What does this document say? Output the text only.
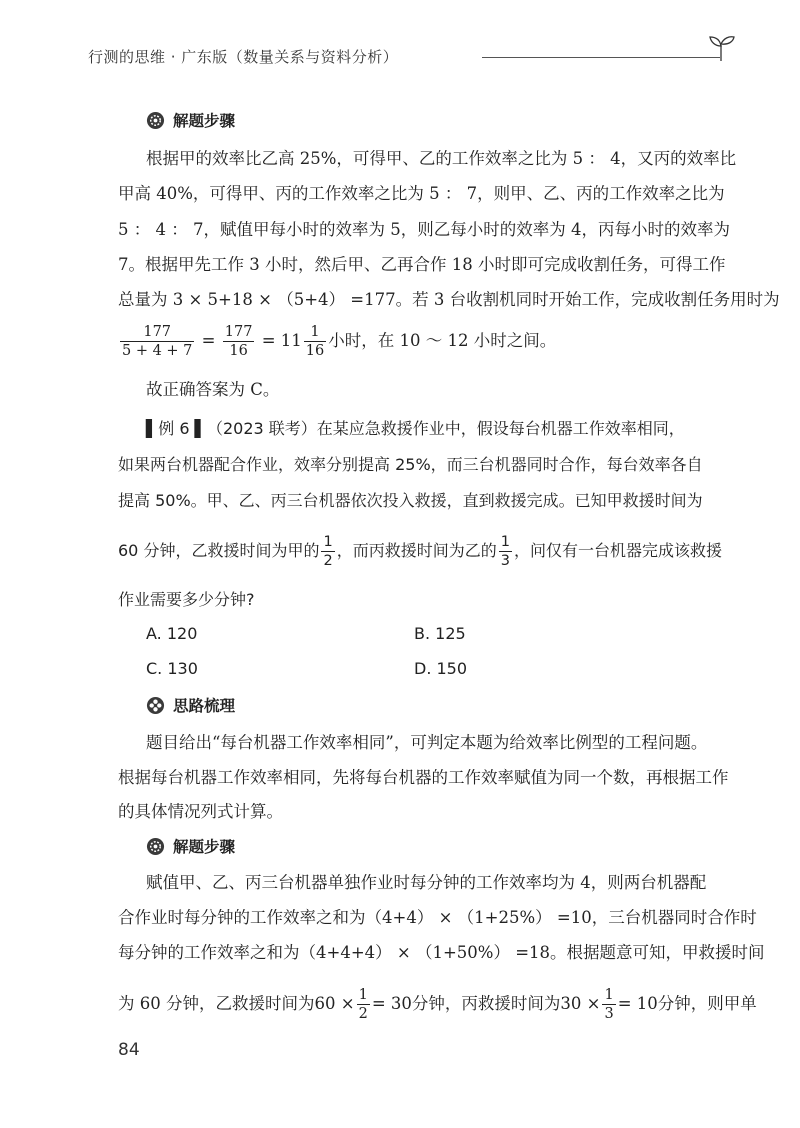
行测的思维 · 广东版（数量关系与资料分析）
解题步骤
根据甲的效率比乙高 25%，可得甲、乙的工作效率之比为 5 ： 4，又丙的效率比
甲高 40%，可得甲、丙的工作效率之比为 5 ： 7，则甲、乙、丙的工作效率之比为
5 ： 4 ： 7，赋值甲每小时的效率为 5，则乙每小时的效率为 4，丙每小时的效率为
7。根据甲先工作 3 小时，然后甲、乙再合作 18 小时即可完成收割任务，可得工作
总量为 3 × 5+18 × （5+4） =177。若 3 台收割机同时开始工作，完成收割任务用时为
$\frac{177}{5 + 4 + 7} = \frac{177}{16} = 11 \frac{1}{16}$ 小时，在 10 ～ 12 小时之间。
故正确答案为 C。
▌例 6 ▌（2023 联考）在某应急救援作业中，假设每台机器工作效率相同，
如果两台机器配合作业，效率分别提高 25%，而三台机器同时合作，每台效率各自
提高 50%。甲、乙、丙三台机器依次投入救援，直到救援完成。已知甲救援时间为
60 分钟，乙救援时间为甲的 $\frac{1}{2}$ ，而丙救援时间为乙的 $\frac{1}{3}$ ，问仅有一台机器完成该救援
作业需要多少分钟?
A. 120	B. 125
C. 130	D. 150
思路梳理
题目给出“每台机器工作效率相同”，可判定本题为给效率比例型的工程问题。
根据每台机器工作效率相同，先将每台机器的工作效率赋值为同一个数，再根据工作
的具体情况列式计算。
解题步骤
赋值甲、乙、丙三台机器单独作业时每分钟的工作效率均为 4，则两台机器配
合作业时每分钟的工作效率之和为（4+4） × （1+25%） =10，三台机器同时合作时
每分钟的工作效率之和为（4+4+4） × （1+50%） =18。根据题意可知，甲救援时间
为 60 分钟，乙救援时间为$60 \times \frac{1}{2} = 30$分钟，丙救援时间为$30 \times \frac{1}{3} = 10$分钟，则甲单
84
